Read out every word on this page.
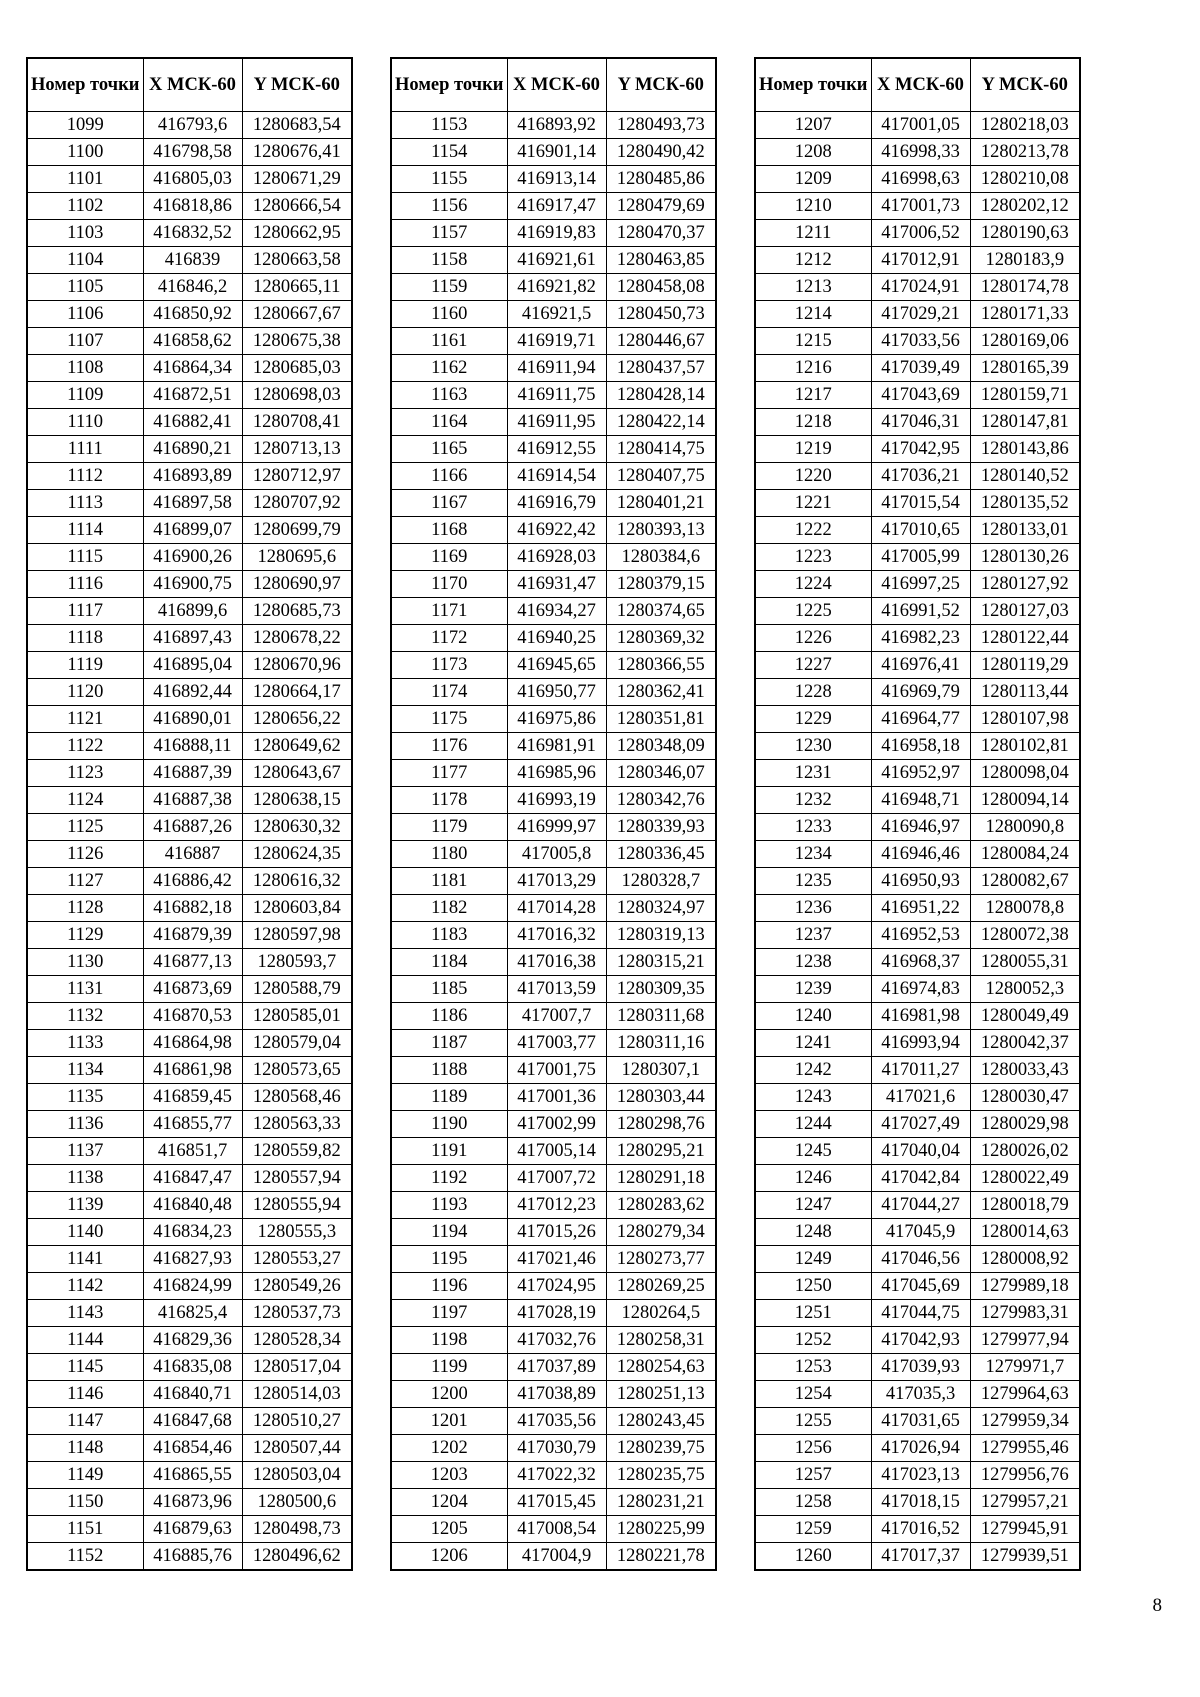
Номер точки	X МСК-60	Y МСК-60
1099	416793,6	1280683,54
1100	416798,58	1280676,41
1101	416805,03	1280671,29
1102	416818,86	1280666,54
1103	416832,52	1280662,95
1104	416839	1280663,58
1105	416846,2	1280665,11
1106	416850,92	1280667,67
1107	416858,62	1280675,38
1108	416864,34	1280685,03
1109	416872,51	1280698,03
1110	416882,41	1280708,41
1111	416890,21	1280713,13
1112	416893,89	1280712,97
1113	416897,58	1280707,92
1114	416899,07	1280699,79
1115	416900,26	1280695,6
1116	416900,75	1280690,97
1117	416899,6	1280685,73
1118	416897,43	1280678,22
1119	416895,04	1280670,96
1120	416892,44	1280664,17
1121	416890,01	1280656,22
1122	416888,11	1280649,62
1123	416887,39	1280643,67
1124	416887,38	1280638,15
1125	416887,26	1280630,32
1126	416887	1280624,35
1127	416886,42	1280616,32
1128	416882,18	1280603,84
1129	416879,39	1280597,98
1130	416877,13	1280593,7
1131	416873,69	1280588,79
1132	416870,53	1280585,01
1133	416864,98	1280579,04
1134	416861,98	1280573,65
1135	416859,45	1280568,46
1136	416855,77	1280563,33
1137	416851,7	1280559,82
1138	416847,47	1280557,94
1139	416840,48	1280555,94
1140	416834,23	1280555,3
1141	416827,93	1280553,27
1142	416824,99	1280549,26
1143	416825,4	1280537,73
1144	416829,36	1280528,34
1145	416835,08	1280517,04
1146	416840,71	1280514,03
1147	416847,68	1280510,27
1148	416854,46	1280507,44
1149	416865,55	1280503,04
1150	416873,96	1280500,6
1151	416879,63	1280498,73
1152	416885,76	1280496,62
Номер точки	X МСК-60	Y МСК-60
1153	416893,92	1280493,73
1154	416901,14	1280490,42
1155	416913,14	1280485,86
1156	416917,47	1280479,69
1157	416919,83	1280470,37
1158	416921,61	1280463,85
1159	416921,82	1280458,08
1160	416921,5	1280450,73
1161	416919,71	1280446,67
1162	416911,94	1280437,57
1163	416911,75	1280428,14
1164	416911,95	1280422,14
1165	416912,55	1280414,75
1166	416914,54	1280407,75
1167	416916,79	1280401,21
1168	416922,42	1280393,13
1169	416928,03	1280384,6
1170	416931,47	1280379,15
1171	416934,27	1280374,65
1172	416940,25	1280369,32
1173	416945,65	1280366,55
1174	416950,77	1280362,41
1175	416975,86	1280351,81
1176	416981,91	1280348,09
1177	416985,96	1280346,07
1178	416993,19	1280342,76
1179	416999,97	1280339,93
1180	417005,8	1280336,45
1181	417013,29	1280328,7
1182	417014,28	1280324,97
1183	417016,32	1280319,13
1184	417016,38	1280315,21
1185	417013,59	1280309,35
1186	417007,7	1280311,68
1187	417003,77	1280311,16
1188	417001,75	1280307,1
1189	417001,36	1280303,44
1190	417002,99	1280298,76
1191	417005,14	1280295,21
1192	417007,72	1280291,18
1193	417012,23	1280283,62
1194	417015,26	1280279,34
1195	417021,46	1280273,77
1196	417024,95	1280269,25
1197	417028,19	1280264,5
1198	417032,76	1280258,31
1199	417037,89	1280254,63
1200	417038,89	1280251,13
1201	417035,56	1280243,45
1202	417030,79	1280239,75
1203	417022,32	1280235,75
1204	417015,45	1280231,21
1205	417008,54	1280225,99
1206	417004,9	1280221,78
Номер точки	X МСК-60	Y МСК-60
1207	417001,05	1280218,03
1208	416998,33	1280213,78
1209	416998,63	1280210,08
1210	417001,73	1280202,12
1211	417006,52	1280190,63
1212	417012,91	1280183,9
1213	417024,91	1280174,78
1214	417029,21	1280171,33
1215	417033,56	1280169,06
1216	417039,49	1280165,39
1217	417043,69	1280159,71
1218	417046,31	1280147,81
1219	417042,95	1280143,86
1220	417036,21	1280140,52
1221	417015,54	1280135,52
1222	417010,65	1280133,01
1223	417005,99	1280130,26
1224	416997,25	1280127,92
1225	416991,52	1280127,03
1226	416982,23	1280122,44
1227	416976,41	1280119,29
1228	416969,79	1280113,44
1229	416964,77	1280107,98
1230	416958,18	1280102,81
1231	416952,97	1280098,04
1232	416948,71	1280094,14
1233	416946,97	1280090,8
1234	416946,46	1280084,24
1235	416950,93	1280082,67
1236	416951,22	1280078,8
1237	416952,53	1280072,38
1238	416968,37	1280055,31
1239	416974,83	1280052,3
1240	416981,98	1280049,49
1241	416993,94	1280042,37
1242	417011,27	1280033,43
1243	417021,6	1280030,47
1244	417027,49	1280029,98
1245	417040,04	1280026,02
1246	417042,84	1280022,49
1247	417044,27	1280018,79
1248	417045,9	1280014,63
1249	417046,56	1280008,92
1250	417045,69	1279989,18
1251	417044,75	1279983,31
1252	417042,93	1279977,94
1253	417039,93	1279971,7
1254	417035,3	1279964,63
1255	417031,65	1279959,34
1256	417026,94	1279955,46
1257	417023,13	1279956,76
1258	417018,15	1279957,21
1259	417016,52	1279945,91
1260	417017,37	1279939,51
8
